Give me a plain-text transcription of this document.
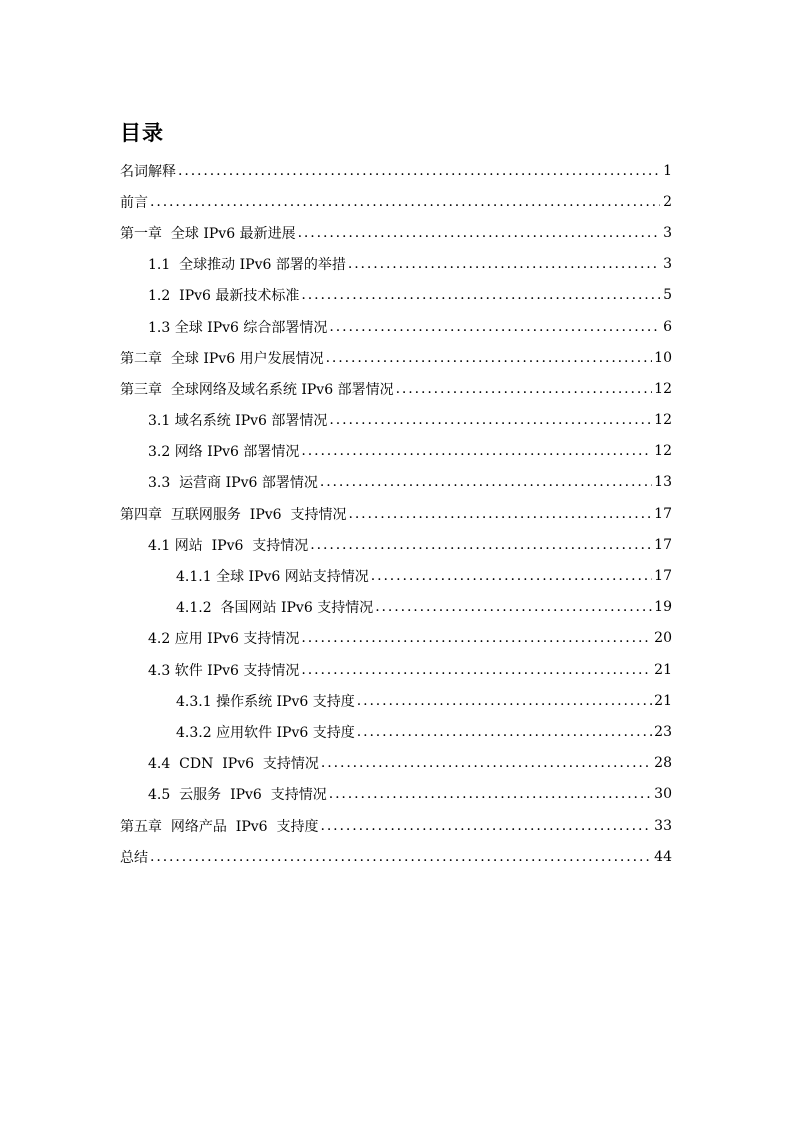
目录
名词解释 .....	1
前言 .....	2
第一章  全球 IPv6 最新进展 .....	3
1.1  全球推动 IPv6 部署的举措 .....	3
1.2  IPv6 最新技术标准 .....	5
1.3 全球 IPv6 综合部署情况 .....	6
第二章  全球 IPv6 用户发展情况 .....	10
第三章  全球网络及域名系统 IPv6 部署情况 .....	12
3.1 域名系统 IPv6 部署情况 .....	12
3.2 网络 IPv6 部署情况 .....	12
3.3  运营商 IPv6 部署情况 .....	13
第四章  互联网服务  IPv6  支持情况 .....	17
4.1 网站  IPv6  支持情况 .....	17
4.1.1 全球 IPv6 网站支持情况 .....	17
4.1.2  各国网站 IPv6 支持情况 .....	19
4.2 应用 IPv6 支持情况 .....	20
4.3 软件 IPv6 支持情况 .....	21
4.3.1 操作系统 IPv6 支持度 .....	21
4.3.2 应用软件 IPv6 支持度 .....	23
4.4  CDN  IPv6  支持情况 .....	28
4.5  云服务  IPv6  支持情况 .....	30
第五章  网络产品  IPv6  支持度 .....	33
总结 .....	44
